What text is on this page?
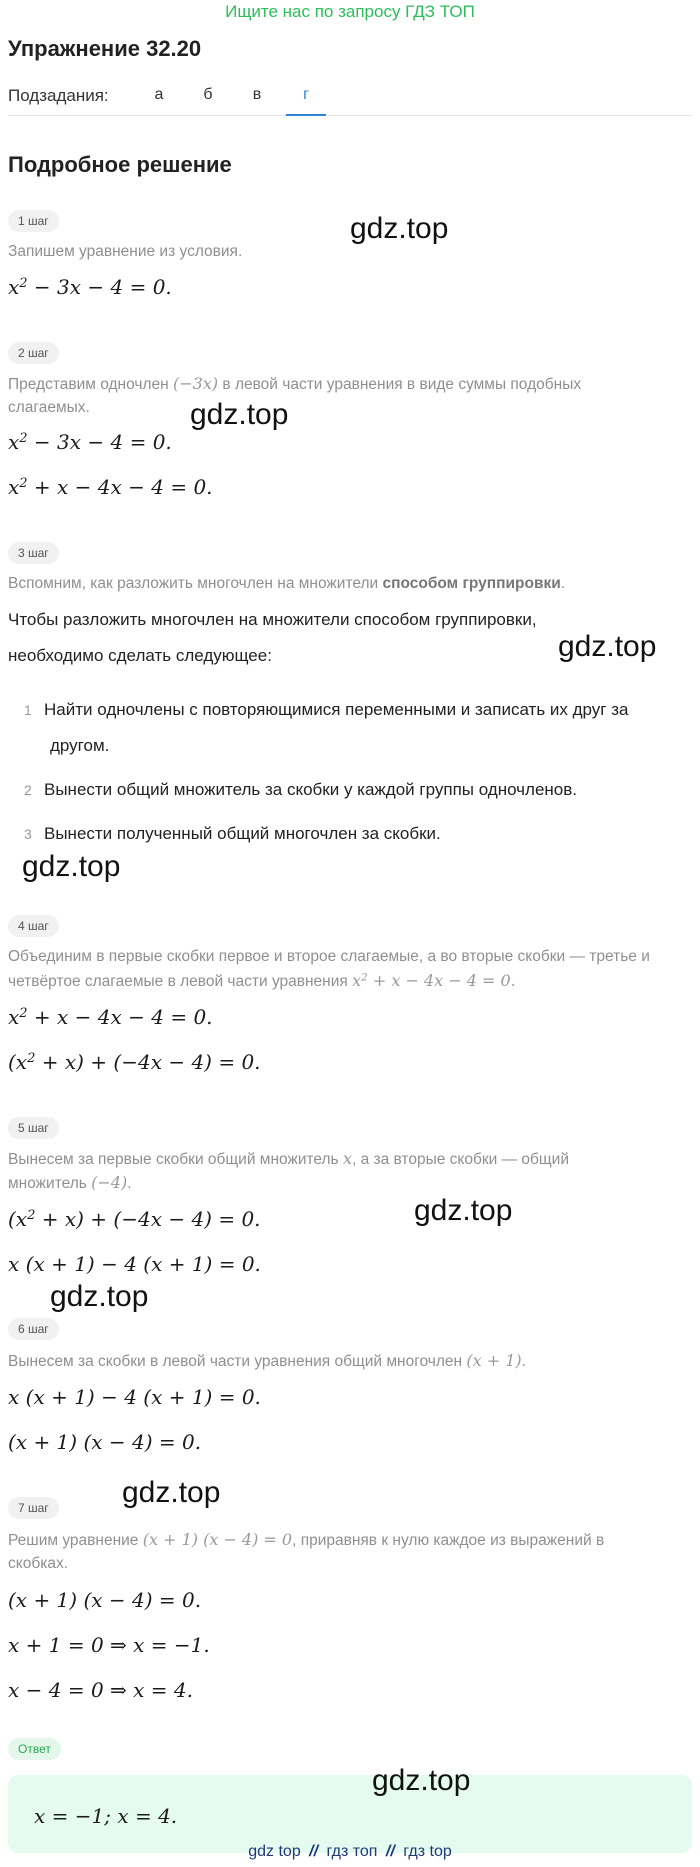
Ищите нас по запросу ГДЗ ТОП
Упражнение 32.20
Подзадания:	а	б	в	г
Подробное решение
1 шаг
Запишем уравнение из условия.
$x^2 - 3x - 4 = 0$.
2 шаг
Представим одночлен (−3x) в левой части уравнения в виде суммы подобных
слагаемых.
$x^2 - 3x - 4 = 0$.
$x^2 + x - 4x - 4 = 0$.
3 шаг
Вспомним, как разложить многочлен на множители способом группировки.
Чтобы разложить многочлен на множители способом группировки,
необходимо сделать следующее:
1 Найти одночлены с повторяющимися переменными и записать их друг за
другом.
2 Вынести общий множитель за скобки у каждой группы одночленов.
3 Вынести полученный общий многочлен за скобки.
4 шаг
Объединим в первые скобки первое и второе слагаемые, а во вторые скобки — третье и
четвёртое слагаемые в левой части уравнения $x^2 + x - 4x - 4 = 0$.
$x^2 + x - 4x - 4 = 0$.
$(x^2 + x) + (-4x - 4) = 0$.
5 шаг
Вынесем за первые скобки общий множитель x, а за вторые скобки — общий
множитель (−4).
$(x^2 + x) + (-4x - 4) = 0$.
x (x + 1) − 4 (x + 1) = 0.
6 шаг
Вынесем за скобки в левой части уравнения общий многочлен (x + 1).
x (x + 1) − 4 (x + 1) = 0.
(x + 1) (x − 4) = 0.
7 шаг
Решим уравнение (x + 1) (x − 4) = 0, приравняв к нулю каждое из выражений в
скобках.
(x + 1) (x − 4) = 0.
x + 1 = 0 ⇒ x = −1.
x − 4 = 0 ⇒ x = 4.
Ответ
x = −1; x = 4.
gdz.top
gdz.top
gdz.top
gdz.top
gdz.top
gdz.top
gdz.top
gdz.top
gdz top // гдз топ // гдз top
